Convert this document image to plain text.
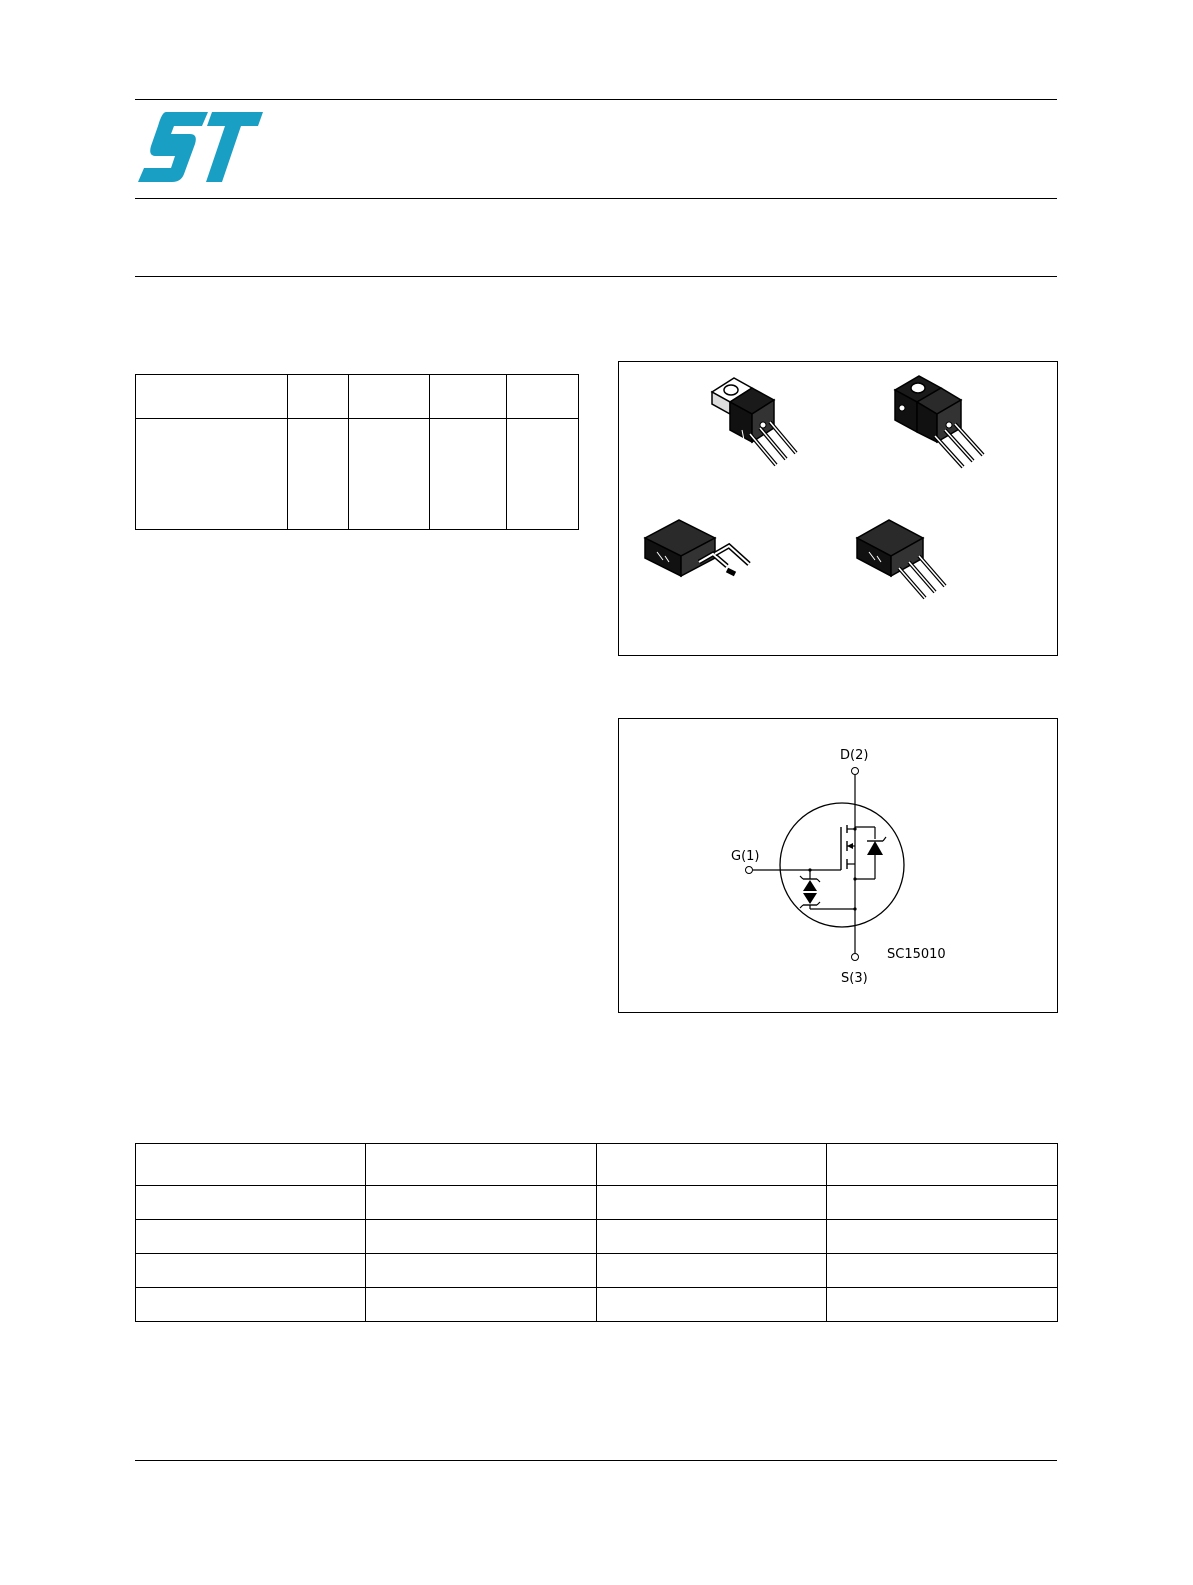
D(2)
G(1)
S(3)
SC15010
